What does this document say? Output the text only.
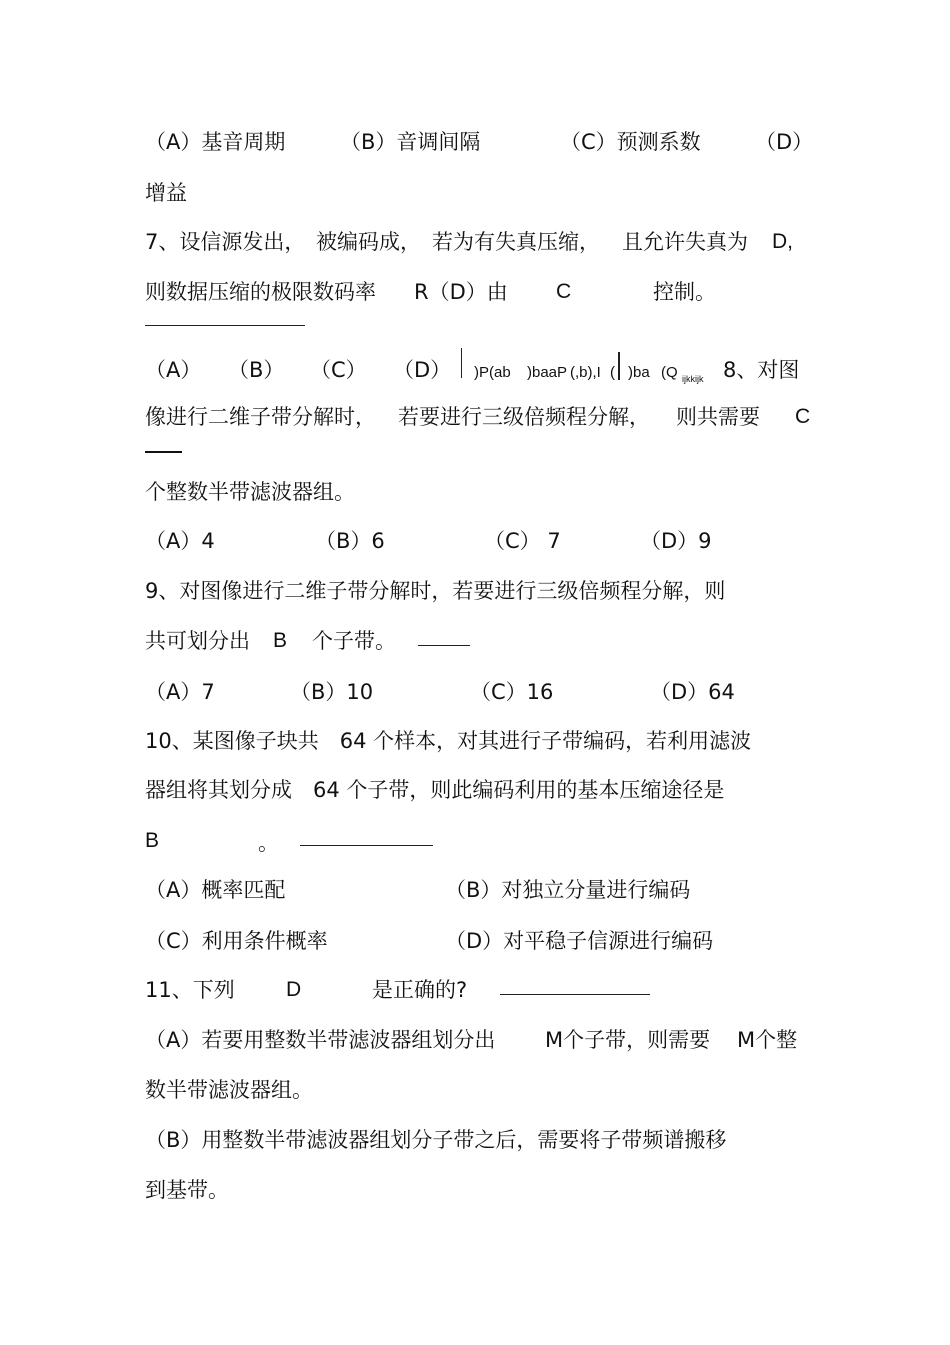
（A）基音周期	（B）音调间隔	（C）预测系数	（D）
增益
7、设信源发出， 被编码成， 若为有失真压缩， 且允许失真为 D,
则数据压缩的极限数码率 R（D）由 C	控制。
（A） （B） （C） （D） )P(ab )baaP (,b),I ( )ba (Q ijkkijk 8、对图
像进行二维子带分解时， 若要进行三级倍频程分解， 则共需要 C
个整数半带滤波器组。
（A）4	（B）6	（C） 7	（D）9
9、对图像进行二维子带分解时，若要进行三级倍频程分解，则
共可划分出 B 个子带。
（A）7	（B）10	（C）16	（D）64
10、某图像子块共　64 个样本，对其进行子带编码，若利用滤波
器组将其划分成　64 个子带，则此编码利用的基本压缩途径是
B	。
（A）概率匹配	（B）对独立分量进行编码
（C）利用条件概率	（D）对平稳子信源进行编码
11、下列 D	是正确的?
（A）若要用整数半带滤波器组划分出 M个子带，则需要 M个整
数半带滤波器组。
（B）用整数半带滤波器组划分子带之后，需要将子带频谱搬移
到基带。
